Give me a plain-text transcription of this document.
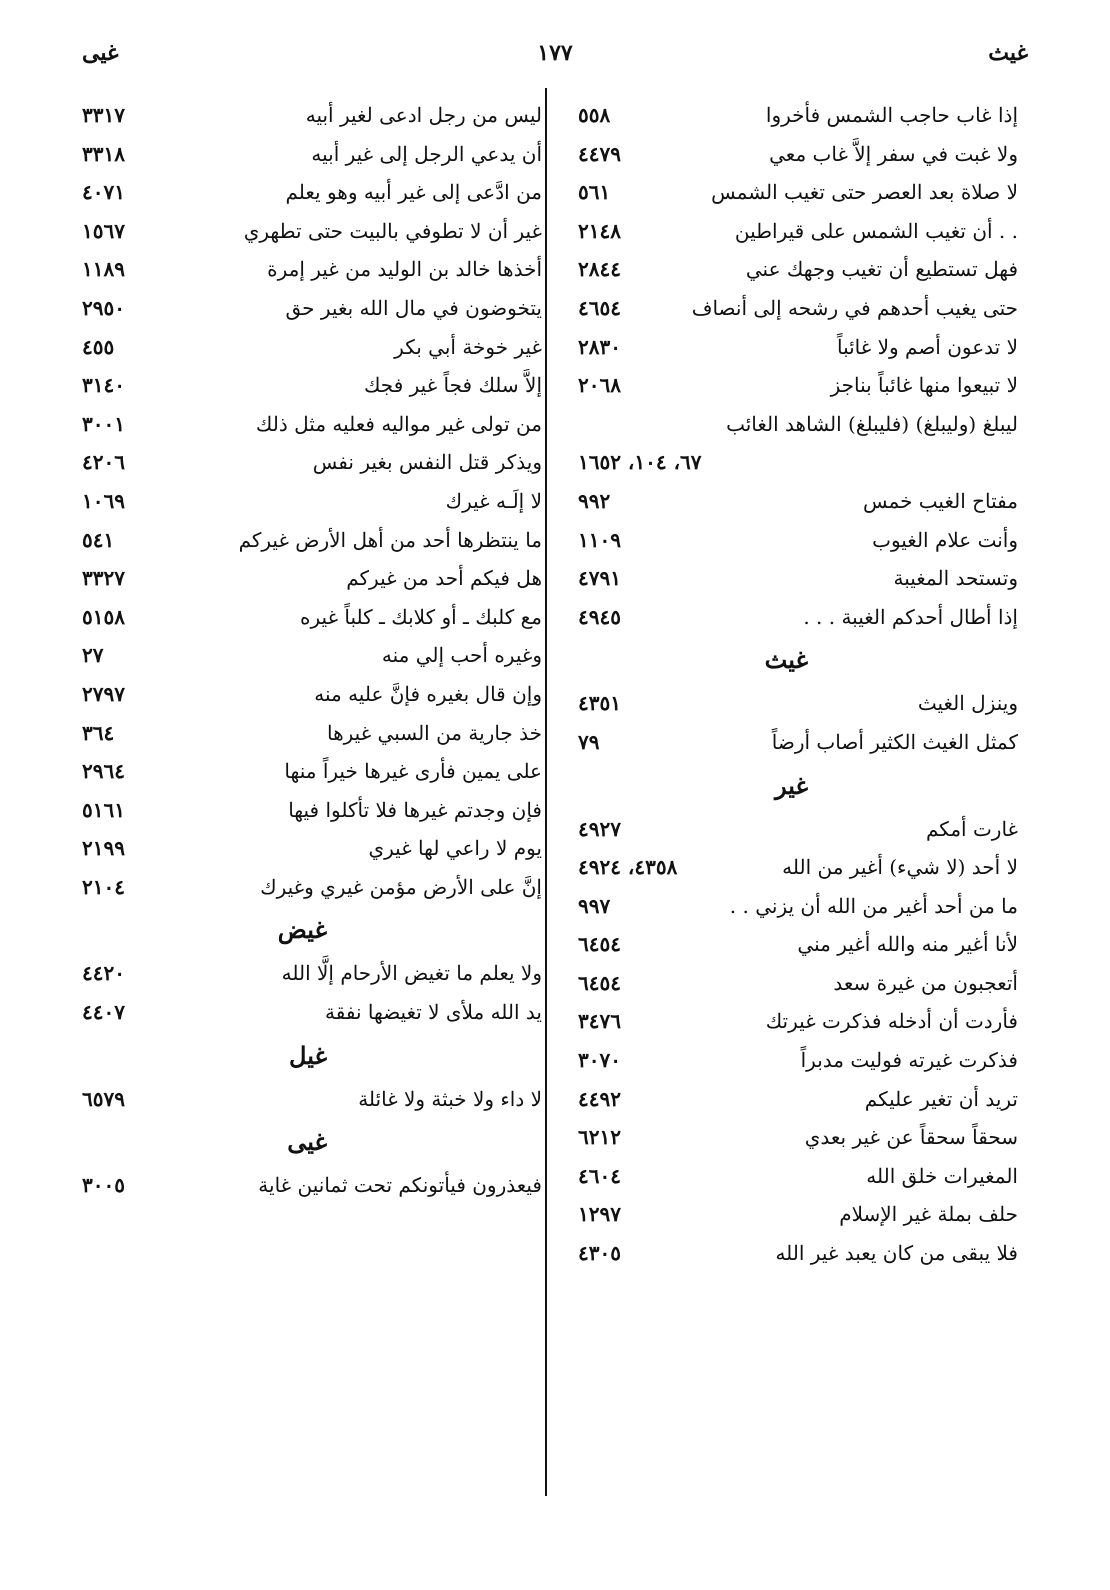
غيث
١٧٧
غيى
إذا غاب حاجب الشمس فأخروا
٥٥٨
ولا غبت في سفر إلاَّ غاب معي
٤٤٧٩
لا صلاة بعد العصر حتى تغيب الشمس
٥٦١
. . أن تغيب الشمس على قيراطين
٢١٤٨
فهل تستطيع أن تغيب وجهك عني
٢٨٤٤
حتى يغيب أحدهم في رشحه إلى أنصاف
٤٦٥٤
لا تدعون أصم ولا غائباً
٢٨٣٠
لا تبيعوا منها غائباً بناجز
٢٠٦٨
ليبلغ (وليبلغ) (فليبلغ) الشاهد الغائب
٦٧، ١٠٤، ١٦٥٢
مفتاح الغيب خمس
٩٩٢
وأنت علام الغيوب
١١٠٩
وتستحد المغيبة
٤٧٩١
إذا أطال أحدكم الغيبة . . .
٤٩٤٥
غيث
وينزل الغيث
٤٣٥١
كمثل الغيث الكثير أصاب أرضاً
٧٩
غير
غارت أمكم
٤٩٢٧
لا أحد (لا شيء) أغير من الله
٤٣٥٨، ٤٩٢٤
ما من أحد أغير من الله أن يزني . .
٩٩٧
لأنا أغير منه والله أغير مني
٦٤٥٤
أتعجبون من غيرة سعد
٦٤٥٤
فأردت أن أدخله فذكرت غيرتك
٣٤٧٦
فذكرت غيرته فوليت مدبراً
٣٠٧٠
تريد أن تغير عليكم
٤٤٩٢
سحقاً سحقاً عن غير بعدي
٦٢١٢
المغيرات خلق الله
٤٦٠٤
حلف بملة غير الإسلام
١٢٩٧
فلا يبقى من كان يعبد غير الله
٤٣٠٥
ليس من رجل ادعى لغير أبيه
٣٣١٧
أن يدعي الرجل إلى غير أبيه
٣٣١٨
من ادَّعى إلى غير أبيه وهو يعلم
٤٠٧١
غير أن لا تطوفي بالبيت حتى تطهري
١٥٦٧
أخذها خالد بن الوليد من غير إمرة
١١٨٩
يتخوضون في مال الله بغير حق
٢٩٥٠
غير خوخة أبي بكر
٤٥٥
إلاَّ سلك فجاً غير فجك
٣١٤٠
من تولى غير مواليه فعليه مثل ذلك
٣٠٠١
ويذكر قتل النفس بغير نفس
٤٢٠٦
لا إلَـه غيرك
١٠٦٩
ما ينتظرها أحد من أهل الأرض غيركم
٥٤١
هل فيكم أحد من غيركم
٣٣٢٧
مع كلبك ـ أو كلابك ـ كلباً غيره
٥١٥٨
وغيره أحب إلي منه
٢٧
وإن قال بغيره فإنَّ عليه منه
٢٧٩٧
خذ جارية من السبي غيرها
٣٦٤
على يمين فأرى غيرها خيراً منها
٢٩٦٤
فإن وجدتم غيرها فلا تأكلوا فيها
٥١٦١
يوم لا راعي لها غيري
٢١٩٩
إنَّ على الأرض مؤمن غيري وغيرك
٢١٠٤
غيض
ولا يعلم ما تغيض الأرحام إلَّا الله
٤٤٢٠
يد الله ملأى لا تغيضها نفقة
٤٤٠٧
غيل
لا داء ولا خبثة ولا غائلة
٦٥٧٩
غيى
فيعذرون فيأتونكم تحت ثمانين غاية
٣٠٠٥
